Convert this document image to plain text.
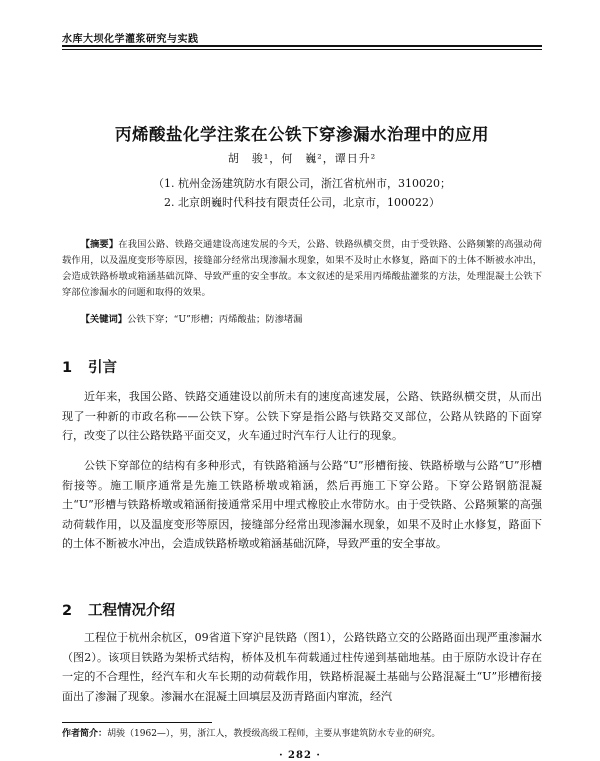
水库大坝化学灌浆研究与实践
丙烯酸盐化学注浆在公铁下穿渗漏水治理中的应用
胡　骏¹，何　巍²，谭日升²
（1. 杭州金汤建筑防水有限公司，浙江省杭州市，310020；
2. 北京朗巍时代科技有限责任公司，北京市，100022）
【摘要】在我国公路、铁路交通建设高速发展的今天，公路、铁路纵横交贯，由于受铁路、公路频繁的高强动荷载作用，以及温度变形等原因，接缝部分经常出现渗漏水现象，如果不及时止水修复，路面下的土体不断被水冲出，会造成铁路桥墩或箱涵基础沉降、导致严重的安全事故。本文叙述的是采用丙烯酸盐灌浆的方法，处理混凝土公铁下穿部位渗漏水的问题和取得的效果。
【关键词】公铁下穿；“U”形槽；丙烯酸盐；防渗堵漏
1 引言

近年来，我国公路、铁路交通建设以前所未有的速度高速发展，公路、铁路纵横交贯，从而出现了一种新的市政名称——公铁下穿。公铁下穿是指公路与铁路交叉部位，公路从铁路的下面穿行，改变了以往公路铁路平面交叉，火车通过时汽车行人让行的现象。

公铁下穿部位的结构有多种形式，有铁路箱涵与公路“U”形槽衔接、铁路桥墩与公路“U”形槽衔接等。施工顺序通常是先施工铁路桥墩或箱涵，然后再施工下穿公路。下穿公路钢筋混凝土“U”形槽与铁路桥墩或箱涵衔接通常采用中埋式橡胶止水带防水。由于受铁路、公路频繁的高强动荷载作用，以及温度变形等原因，接缝部分经常出现渗漏水现象，如果不及时止水修复，路面下的土体不断被水冲出，会造成铁路桥墩或箱涵基础沉降，导致严重的安全事故。

2 工程情况介绍

工程位于杭州余杭区，09省道下穿沪昆铁路（图1），公路铁路立交的公路路面出现严重渗漏水（图2）。该项目铁路为架桥式结构，桥体及机车荷载通过柱传递到基础地基。由于原防水设计存在一定的不合理性，经汽车和火车长期的动荷载作用，铁路桥混凝土基础与公路混凝土“U”形槽衔接面出了渗漏了现象。渗漏水在混凝土回填层及沥青路面内窜流，经汽

作者简介：胡骏（1962—），男，浙江人，教授级高级工程师，主要从事建筑防水专业的研究。
· 282 ·
